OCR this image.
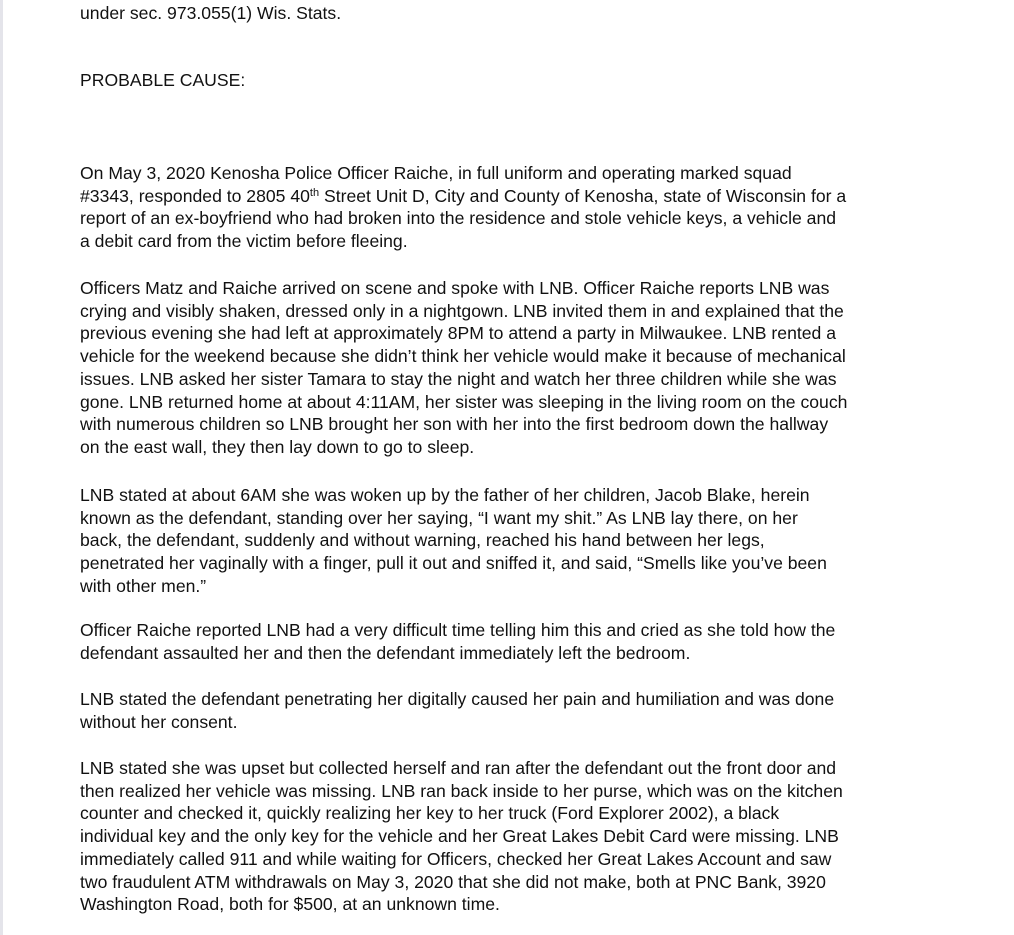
under sec. 973.055(1) Wis. Stats.

PROBABLE CAUSE:

On May 3, 2020 Kenosha Police Officer Raiche, in full uniform and operating marked squad
#3343, responded to 2805 40th Street Unit D, City and County of Kenosha, state of Wisconsin for a
report of an ex-boyfriend who had broken into the residence and stole vehicle keys, a vehicle and
a debit card from the victim before fleeing.

Officers Matz and Raiche arrived on scene and spoke with LNB. Officer Raiche reports LNB was
crying and visibly shaken, dressed only in a nightgown. LNB invited them in and explained that the
previous evening she had left at approximately 8PM to attend a party in Milwaukee. LNB rented a
vehicle for the weekend because she didn’t think her vehicle would make it because of mechanical
issues. LNB asked her sister Tamara to stay the night and watch her three children while she was
gone. LNB returned home at about 4:11AM, her sister was sleeping in the living room on the couch
with numerous children so LNB brought her son with her into the first bedroom down the hallway
on the east wall, they then lay down to go to sleep.

LNB stated at about 6AM she was woken up by the father of her children, Jacob Blake, herein
known as the defendant, standing over her saying, “I want my shit.” As LNB lay there, on her
back, the defendant, suddenly and without warning, reached his hand between her legs,
penetrated her vaginally with a finger, pull it out and sniffed it, and said, “Smells like you’ve been
with other men.”

Officer Raiche reported LNB had a very difficult time telling him this and cried as she told how the
defendant assaulted her and then the defendant immediately left the bedroom.

LNB stated the defendant penetrating her digitally caused her pain and humiliation and was done
without her consent.

LNB stated she was upset but collected herself and ran after the defendant out the front door and
then realized her vehicle was missing. LNB ran back inside to her purse, which was on the kitchen
counter and checked it, quickly realizing her key to her truck (Ford Explorer 2002), a black
individual key and the only key for the vehicle and her Great Lakes Debit Card were missing. LNB
immediately called 911 and while waiting for Officers, checked her Great Lakes Account and saw
two fraudulent ATM withdrawals on May 3, 2020 that she did not make, both at PNC Bank, 3920
Washington Road, both for $500, at an unknown time.
